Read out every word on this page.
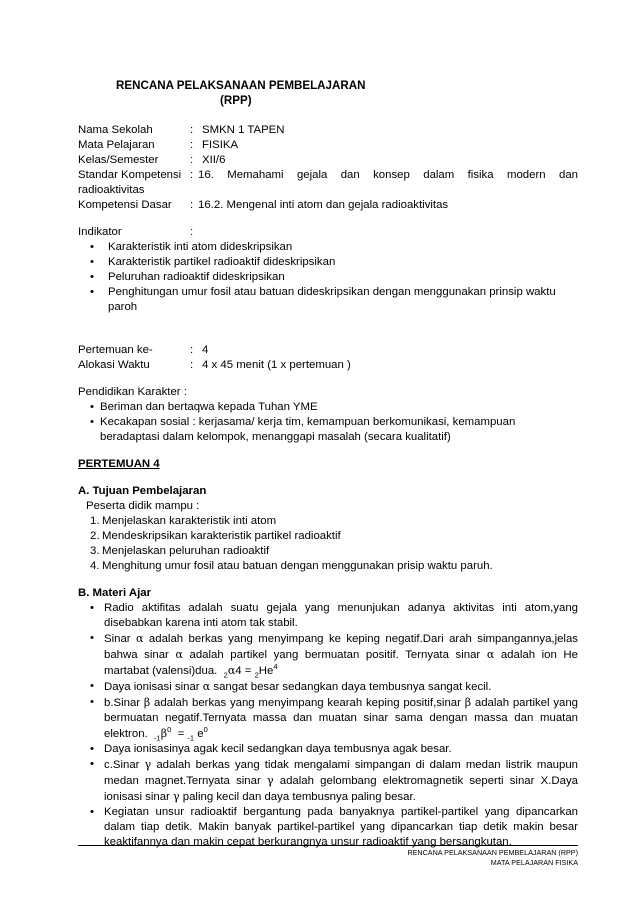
RENCANA PELAKSANAAN PEMBELAJARAN
(RPP)
Nama Sekolah	: SMKN 1 TAPEN
Mata Pelajaran	: FISIKA
Kelas/Semester	: XII/6
Standar Kompetensi : 16.   Memahami   gejala   dan   konsep   dalam   fisika   modern   dan
radioaktivitas
Kompetensi Dasar	: 16.2. Mengenal inti atom dan gejala radioaktivitas
Indikator	:
• Karakteristik inti atom dideskripsikan
• Karakteristik partikel radioaktif dideskripsikan
• Peluruhan radioaktif dideskripsikan
• Penghitungan umur fosil atau batuan dideskripsikan dengan menggunakan prinsip waktu paroh
Pertemuan ke-	: 4
Alokasi Waktu	: 4 x 45 menit (1 x pertemuan )
Pendidikan Karakter :
• Beriman dan bertaqwa kepada Tuhan YME
• Kecakapan sosial : kerjasama/ kerja tim, kemampuan berkomunikasi, kemampuan beradaptasi dalam kelompok, menanggapi masalah (secara kualitatif)
PERTEMUAN 4
A. Tujuan Pembelajaran
Peserta didik mampu :
1. Menjelaskan karakteristik inti atom
2. Mendeskripsikan karakteristik partikel radioaktif
3. Menjelaskan peluruhan radioaktif
4. Menghitung umur fosil atau batuan dengan menggunakan prisip waktu paruh.
B. Materi Ajar
• Radio aktifitas adalah suatu gejala yang menunjukan adanya aktivitas inti atom,yang disebabkan karena inti atom tak stabil.
• Sinar α adalah berkas yang menyimpang ke keping negatif.Dari arah simpangannya,jelas bahwa sinar α adalah partikel yang bermuatan positif. Ternyata sinar α adalah ion He martabat (valensi)dua. $_2\alpha 4 = _2He^4$
• Daya ionisasi sinar α sangat besar sedangkan daya tembusnya sangat kecil.
• b.Sinar β adalah berkas yang menyimpang kearah keping positif,sinar β adalah partikel yang bermuatan negatif.Ternyata massa dan muatan sinar sama dengan massa dan muatan elektron. $_{-1}\beta^0 = _{-1}$ $e^0$
• Daya ionisasinya agak kecil sedangkan daya tembusnya agak besar.
• c.Sinar γ adalah berkas yang tidak mengalami simpangan di dalam medan listrik maupun medan magnet.Ternyata sinar γ adalah gelombang elektromagnetik seperti sinar X.Daya ionisasi sinar γ paling kecil dan daya tembusnya paling besar.
• Kegiatan unsur radioaktif bergantung pada banyaknya partikel-partikel yang dipancarkan dalam tiap detik. Makin banyak partikel-partikel yang dipancarkan tiap detik makin besar keaktifannya dan makin cepat berkurangnya unsur radioaktif yang bersangkutan.
RENCANA PELAKSANAAN PEMBELAJARAN (RPP)
MATA PELAJARAN FISIKA
